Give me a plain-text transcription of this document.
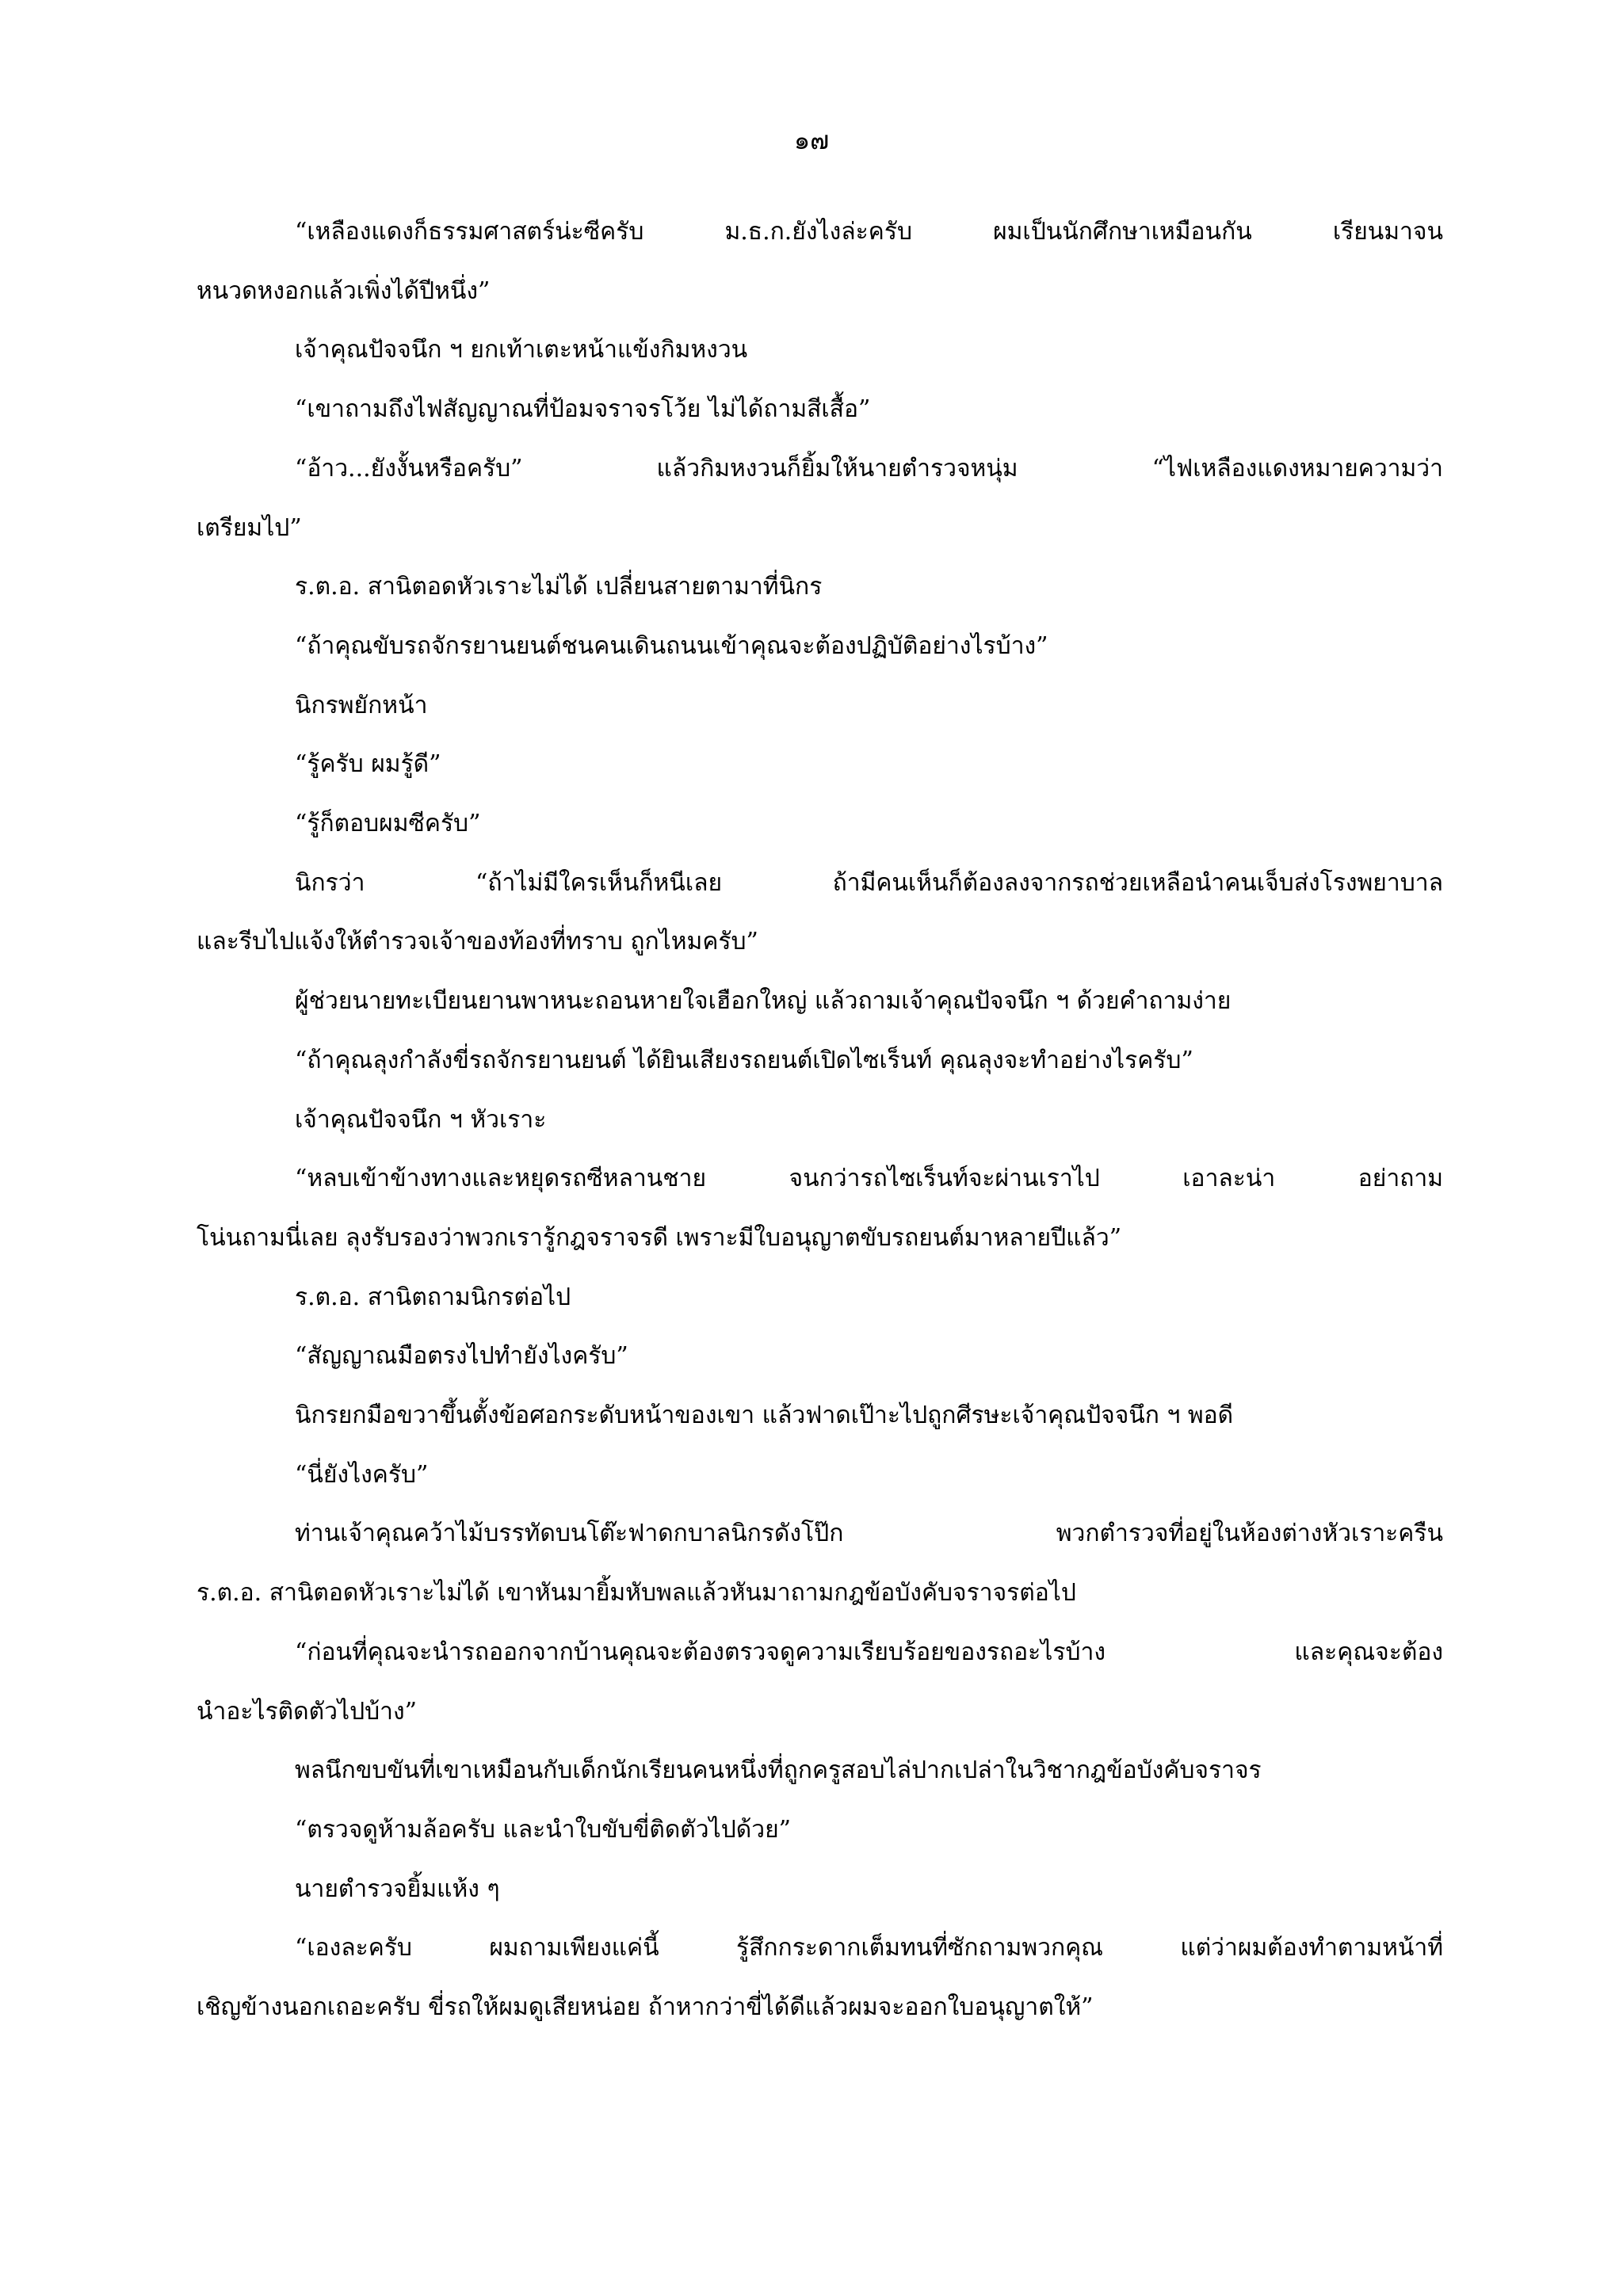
๑๗
“เหลืองแดงก็ธรรมศาสตร์น่ะซีครับ ม.ธ.ก.ยังไงล่ะครับ ผมเป็นนักศึกษาเหมือนกัน เรียนมาจน
หนวดหงอกแล้วเพิ่งได้ปีหนึ่ง”
เจ้าคุณปัจจนึก ฯ ยกเท้าเตะหน้าแข้งกิมหงวน
“เขาถามถึงไฟสัญญาณที่ป้อมจราจรโว้ย ไม่ได้ถามสีเสื้อ”
“อ้าว...ยังงั้นหรือครับ” แล้วกิมหงวนก็ยิ้มให้นายตำรวจหนุ่ม “ไฟเหลืองแดงหมายความว่า
เตรียมไป”
ร.ต.อ. สานิตอดหัวเราะไม่ได้ เปลี่ยนสายตามาที่นิกร
“ถ้าคุณขับรถจักรยานยนต์ชนคนเดินถนนเข้าคุณจะต้องปฏิบัติอย่างไรบ้าง”
นิกรพยักหน้า
“รู้ครับ ผมรู้ดี”
“รู้ก็ตอบผมซีครับ”
นิกรว่า “ถ้าไม่มีใครเห็นก็หนีเลย ถ้ามีคนเห็นก็ต้องลงจากรถช่วยเหลือนำคนเจ็บส่งโรงพยาบาล
และรีบไปแจ้งให้ตำรวจเจ้าของท้องที่ทราบ ถูกไหมครับ”
ผู้ช่วยนายทะเบียนยานพาหนะถอนหายใจเฮือกใหญ่ แล้วถามเจ้าคุณปัจจนึก ฯ ด้วยคำถามง่าย
“ถ้าคุณลุงกำลังขี่รถจักรยานยนต์ ได้ยินเสียงรถยนต์เปิดไซเร็นท์ คุณลุงจะทำอย่างไรครับ”
เจ้าคุณปัจจนึก ฯ หัวเราะ
“หลบเข้าข้างทางและหยุดรถซีหลานชาย จนกว่ารถไซเร็นท์จะผ่านเราไป เอาละน่า อย่าถาม
โน่นถามนี่เลย ลุงรับรองว่าพวกเรารู้กฎจราจรดี เพราะมีใบอนุญาตขับรถยนต์มาหลายปีแล้ว”
ร.ต.อ. สานิตถามนิกรต่อไป
“สัญญาณมือตรงไปทำยังไงครับ”
นิกรยกมือขวาขึ้นตั้งข้อศอกระดับหน้าของเขา แล้วฟาดเป๊าะไปถูกศีรษะเจ้าคุณปัจจนึก ฯ พอดี
“นี่ยังไงครับ”
ท่านเจ้าคุณคว้าไม้บรรทัดบนโต๊ะฟาดกบาลนิกรดังโป๊ก พวกตำรวจที่อยู่ในห้องต่างหัวเราะครืน
ร.ต.อ. สานิตอดหัวเราะไม่ได้ เขาหันมายิ้มหับพลแล้วหันมาถามกฎข้อบังคับจราจรต่อไป
“ก่อนที่คุณจะนำรถออกจากบ้านคุณจะต้องตรวจดูความเรียบร้อยของรถอะไรบ้าง และคุณจะต้อง
นำอะไรติดตัวไปบ้าง”
พลนึกขบขันที่เขาเหมือนกับเด็กนักเรียนคนหนึ่งที่ถูกครูสอบไล่ปากเปล่าในวิชากฎข้อบังคับจราจร
“ตรวจดูห้ามล้อครับ และนำใบขับขี่ติดตัวไปด้วย”
นายตำรวจยิ้มแห้ง ๆ
“เองละครับ ผมถามเพียงแค่นี้ รู้สึกกระดากเต็มทนที่ซักถามพวกคุณ แต่ว่าผมต้องทำตามหน้าที่
เชิญข้างนอกเถอะครับ ขี่รถให้ผมดูเสียหน่อย ถ้าหากว่าขี่ได้ดีแล้วผมจะออกใบอนุญาตให้”
